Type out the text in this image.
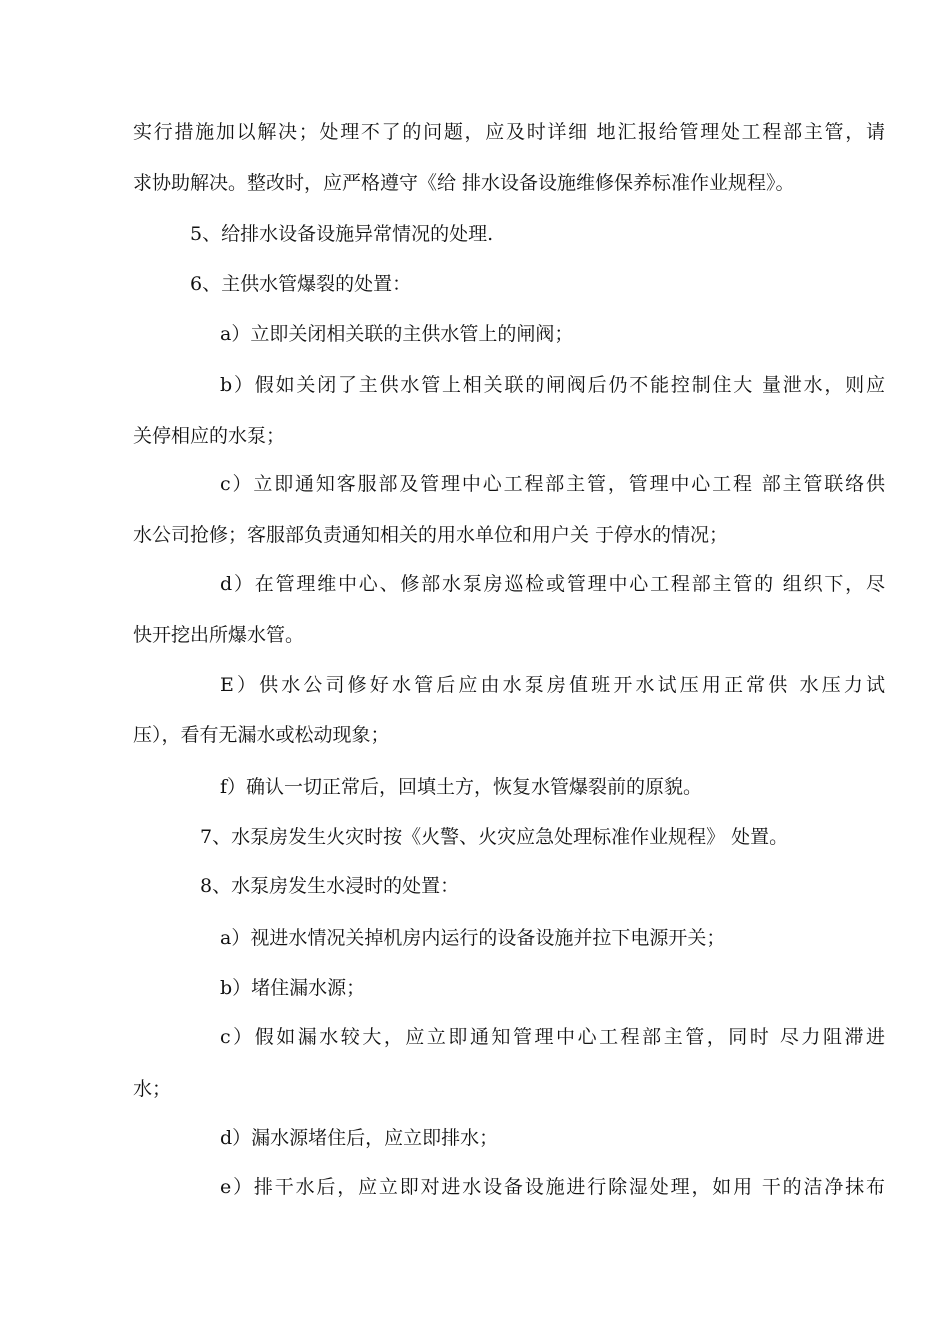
实行措施加以解决；处理不了的问题，应及时详细 地汇报给管理处工程部主管，请
求协助解决。整改时，应严格遵守《给 排水设备设施维修保养标准作业规程》。
5、给排水设备设施异常情况的处理.
6、主供水管爆裂的处置：
a）立即关闭相关联的主供水管上的闸阀；
b）假如关闭了主供水管上相关联的闸阀后仍不能控制住大 量泄水，则应
关停相应的水泵；
c）立即通知客服部及管理中心工程部主管，管理中心工程 部主管联络供
水公司抢修；客服部负责通知相关的用水单位和用户关 于停水的情况；
d）在管理维中心、修部水泵房巡检或管理中心工程部主管的 组织下，尽
快开挖出所爆水管。
E）供水公司修好水管后应由水泵房值班开水试压用正常供 水压力试
压），看有无漏水或松动现象；
f）确认一切正常后，回填土方，恢复水管爆裂前的原貌。
7、水泵房发生火灾时按《火警、火灾应急处理标准作业规程》 处置。
8、水泵房发生水浸时的处置：
a）视进水情况关掉机房内运行的设备设施并拉下电源开关；
b）堵住漏水源；
c）假如漏水较大，应立即通知管理中心工程部主管，同时 尽力阻滞进
水；
d）漏水源堵住后，应立即排水；
e）排干水后，应立即对进水设备设施进行除湿处理，如用 干的洁净抹布
